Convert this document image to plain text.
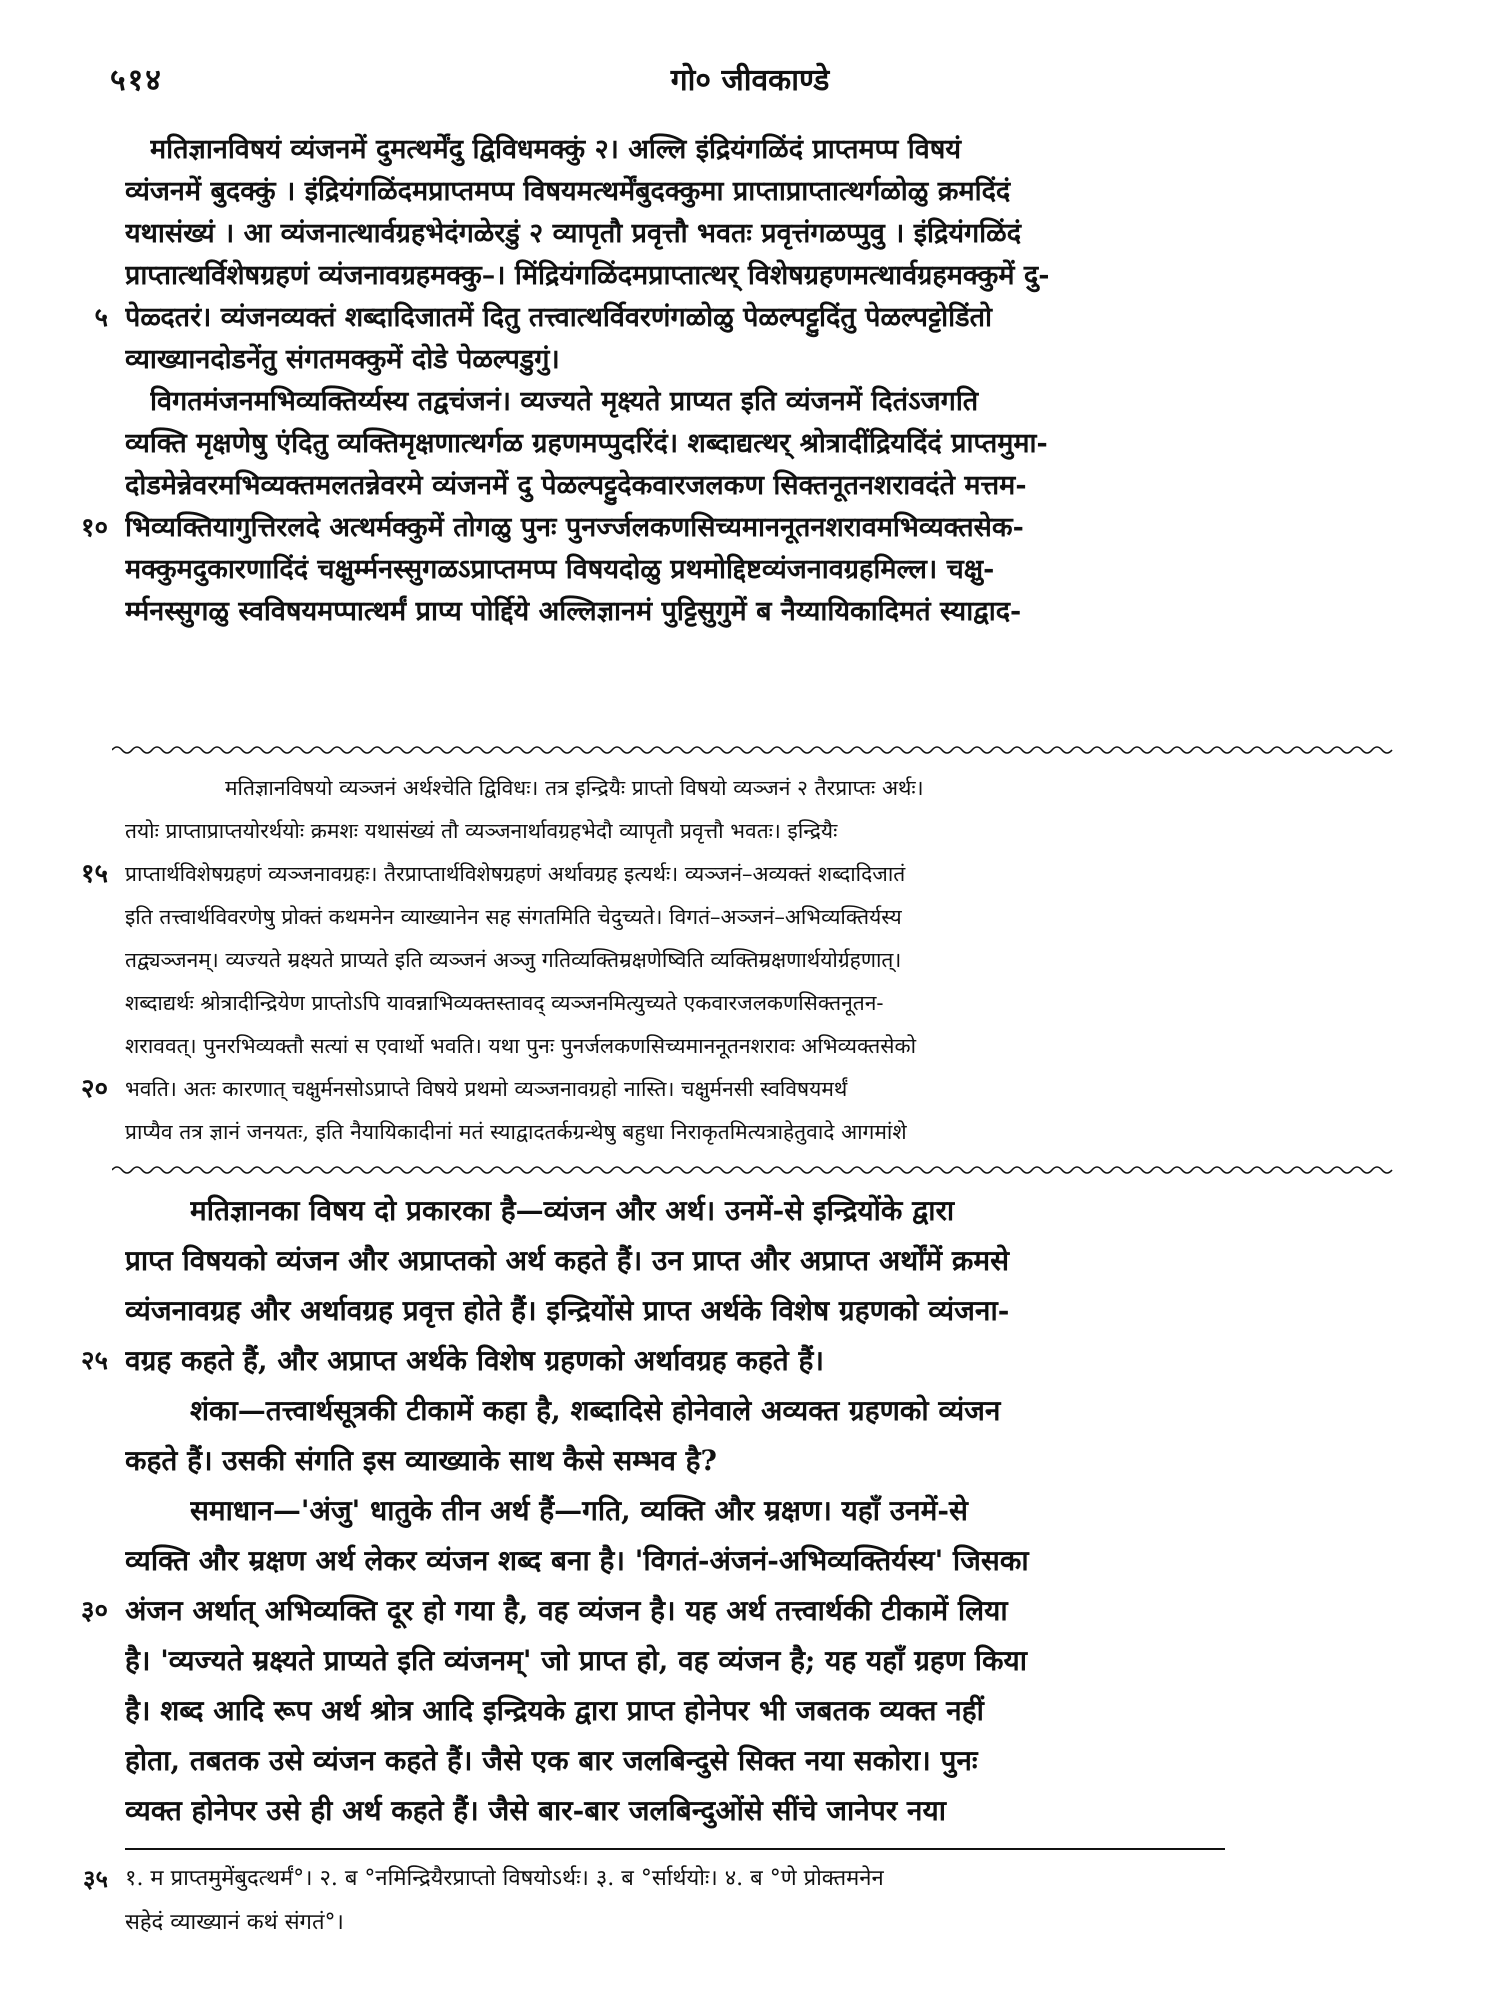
५१४	गो० जीवकाण्डे
मतिज्ञानविषयं व्यंजनमें दुमत्थर्मेंदु द्विविधमक्कुं २। अल्लि इंद्रियंगळिंदं प्राप्तमप्प विषयं
व्यंजनमें बुदक्कुं । इंद्रियंगळिंदमप्राप्तमप्प विषयमत्थर्मेंबुदक्कुमा प्राप्ताप्राप्तात्थर्गळोळु क्रमदिंदं
यथासंख्यं । आ व्यंजनात्थार्वग्रहभेदंगळेरडुं २ व्यापृतौ प्रवृत्तौ भवतः प्रवृत्तंगळप्पुवु । इंद्रियंगळिंदं
प्राप्तात्थर्विशेषग्रहणं व्यंजनावग्रहमक्कु–। मिंद्रियंगळिंदमप्राप्तात्थर् विशेषग्रहणमत्थार्वग्रहमक्कुमें दु-
५ पेळ्दतरं। व्यंजनव्यक्तं शब्दादिजातमें दितु तत्त्वात्थर्विवरणंगळोळु पेळल्पट्टुदिंतु पेळल्पट्टोडिंतो
व्याख्यानदोडनेंतु संगतमक्कुमें दोडे पेळल्पडुगुं।
विगतमंजनमभिव्यक्तिर्य्यस्य तद्वचंजनं। व्यज्यते मृक्ष्यते प्राप्यत इति व्यंजनमें दितंऽजगति
व्यक्ति मृक्षणेषु एंदितु व्यक्तिमृक्षणात्थर्गळ ग्रहणमप्पुदरिंदं। शब्दाद्यत्थर् श्रोत्रादींद्रियदिंदं प्राप्तमुमा-
दोडमेन्नेवरमभिव्यक्तमलतन्नेवरमे व्यंजनमें दु पेळल्पट्टुदेकवारजलकण सिक्तनूतनशरावदंते मत्तम-
१० भिव्यक्तियागुत्तिरलदे अत्थर्मक्कुमें तोगळु पुनः पुनर्ज्जलकणसिच्यमाननूतनशरावमभिव्यक्तसेक-
मक्कुमदुकारणादिंदं चक्षुर्म्मनस्सुगळऽप्राप्तमप्प विषयदोळु प्रथमोद्दिष्टव्यंजनावग्रहमिल्ल। चक्षु-
र्म्मनस्सुगळु स्वविषयमप्पात्थर्मं प्राप्य पोर्द्दिये अल्लिज्ञानमं पुट्टिसुगुमें ब नैय्यायिकादिमतं स्याद्वाद-
मतिज्ञानविषयो व्यञ्जनं अर्थश्चेति द्विविधः। तत्र इन्द्रियैः प्राप्तो विषयो व्यञ्जनं २ तैरप्राप्तः अर्थः।
तयोः प्राप्ताप्राप्तयोरर्थयोः क्रमशः यथासंख्यं तौ व्यञ्जनार्थावग्रहभेदौ व्यापृतौ प्रवृत्तौ भवतः। इन्द्रियैः
१५ प्राप्तार्थविशेषग्रहणं व्यञ्जनावग्रहः। तैरप्राप्तार्थविशेषग्रहणं अर्थावग्रह इत्यर्थः। व्यञ्जनं–अव्यक्तं शब्दादिजातं
इति तत्त्वार्थविवरणेषु प्रोक्तं कथमनेन व्याख्यानेन सह संगतमिति चेदुच्यते। विगतं–अञ्जनं–अभिव्यक्तिर्यस्य
तद्व्यञ्जनम्। व्यज्यते म्रक्ष्यते प्राप्यते इति व्यञ्जनं अञ्जु गतिव्यक्तिम्रक्षणेष्विति व्यक्तिम्रक्षणार्थयोर्ग्रहणात्।
शब्दाद्यर्थः श्रोत्रादीन्द्रियेण प्राप्तोऽपि यावन्नाभिव्यक्तस्तावद् व्यञ्जनमित्युच्यते एकवारजलकणसिक्तनूतन-
शराववत्। पुनरभिव्यक्तौ सत्यां स एवार्थो भवति। यथा पुनः पुनर्जलकणसिच्यमाननूतनशरावः अभिव्यक्तसेको
२० भवति। अतः कारणात् चक्षुर्मनसोऽप्राप्ते विषये प्रथमो व्यञ्जनावग्रहो नास्ति। चक्षुर्मनसी स्वविषयमर्थं
प्राप्यैव तत्र ज्ञानं जनयतः, इति नैयायिकादीनां मतं स्याद्वादतर्कग्रन्थेषु बहुधा निराकृतमित्यत्राहेतुवादे आगमांशे
मतिज्ञानका विषय दो प्रकारका है—व्यंजन और अर्थ। उनमें-से इन्द्रियोंके द्वारा
प्राप्त विषयको व्यंजन और अप्राप्तको अर्थ कहते हैं। उन प्राप्त और अप्राप्त अर्थोंमें क्रमसे
व्यंजनावग्रह और अर्थावग्रह प्रवृत्त होते हैं। इन्द्रियोंसे प्राप्त अर्थके विशेष ग्रहणको व्यंजना-
२५ वग्रह कहते हैं, और अप्राप्त अर्थके विशेष ग्रहणको अर्थावग्रह कहते हैं।
शंका—तत्त्वार्थसूत्रकी टीकामें कहा है, शब्दादिसे होनेवाले अव्यक्त ग्रहणको व्यंजन
कहते हैं। उसकी संगति इस व्याख्याके साथ कैसे सम्भव है?
समाधान—'अंजु' धातुके तीन अर्थ हैं—गति, व्यक्ति और म्रक्षण। यहाँ उनमें-से
व्यक्ति और म्रक्षण अर्थ लेकर व्यंजन शब्द बना है। 'विगतं-अंजनं-अभिव्यक्तिर्यस्य' जिसका
३० अंजन अर्थात् अभिव्यक्ति दूर हो गया है, वह व्यंजन है। यह अर्थ तत्त्वार्थकी टीकामें लिया
है। 'व्यज्यते म्रक्ष्यते प्राप्यते इति व्यंजनम्' जो प्राप्त हो, वह व्यंजन है; यह यहाँ ग्रहण किया
है। शब्द आदि रूप अर्थ श्रोत्र आदि इन्द्रियके द्वारा प्राप्त होनेपर भी जबतक व्यक्त नहीं
होता, तबतक उसे व्यंजन कहते हैं। जैसे एक बार जलबिन्दुसे सिक्त नया सकोरा। पुनः
व्यक्त होनेपर उसे ही अर्थ कहते हैं। जैसे बार-बार जलबिन्दुओंसे सींचे जानेपर नया
३५ १. म प्राप्तमुमेंबुदत्थर्मं°। २. ब °नमिन्द्रियैरप्राप्तो विषयोऽर्थः। ३. ब °र्सार्थयोः। ४. ब °णे प्रोक्तमनेन
सहेदं व्याख्यानं कथं संगतं°।
